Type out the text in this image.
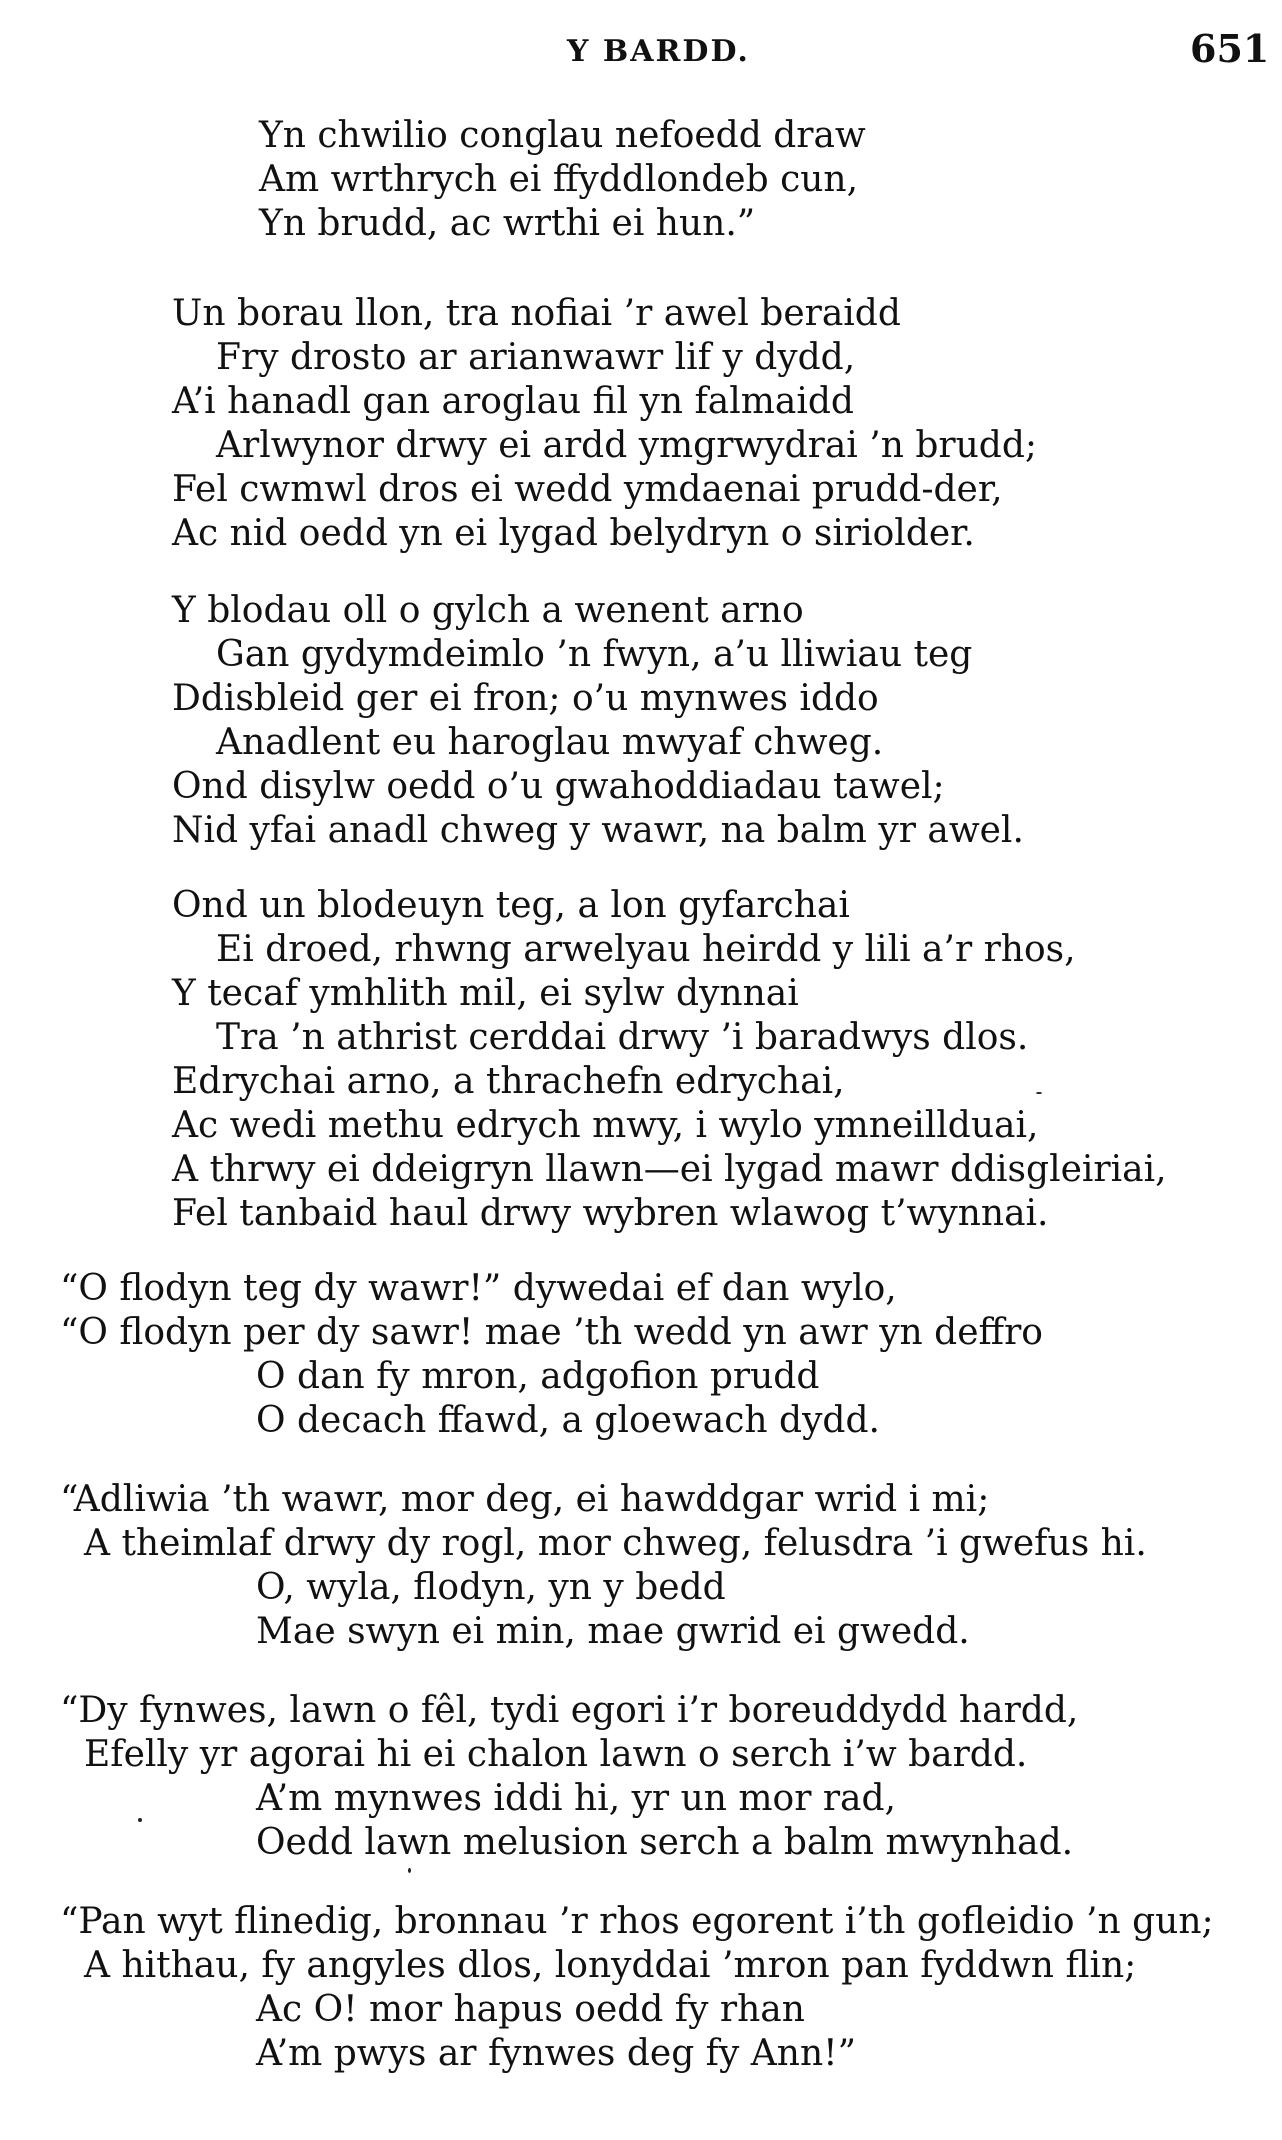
Y BARDD.	651
Yn chwilio conglau nefoedd draw
Am wrthrych ei ffyddlondeb cun,
Yn brudd, ac wrthi ei hun.”
Un borau llon, tra nofiai ’r awel beraidd
Fry drosto ar arianwawr lif y dydd,
A’i hanadl gan aroglau fil yn falmaidd
Arlwynor drwy ei ardd ymgrwydrai ’n brudd;
Fel cwmwl dros ei wedd ymdaenai prudd-der,
Ac nid oedd yn ei lygad belydryn o siriolder.
Y blodau oll o gylch a wenent arno
Gan gydymdeimlo ’n fwyn, a’u lliwiau teg
Ddisbleid ger ei fron; o’u mynwes iddo
Anadlent eu haroglau mwyaf chweg.
Ond disylw oedd o’u gwahoddiadau tawel;
Nid yfai anadl chweg y wawr, na balm yr awel.
Ond un blodeuyn teg, a lon gyfarchai
Ei droed, rhwng arwelyau heirdd y lili a’r rhos,
Y tecaf ymhlith mil, ei sylw dynnai
Tra ’n athrist cerddai drwy ’i baradwys dlos.
Edrychai arno, a thrachefn edrychai,
Ac wedi methu edrych mwy, i wylo ymneillduai,
A thrwy ei ddeigryn llawn—ei lygad mawr ddisgleiriai,
Fel tanbaid haul drwy wybren wlawog t’wynnai.
“O flodyn teg dy wawr!” dywedai ef dan wylo,
“O flodyn per dy sawr! mae ’th wedd yn awr yn deffro
O dan fy mron, adgofion prudd
O decach ffawd, a gloewach dydd.
“Adliwia ’th wawr, mor deg, ei hawddgar wrid i mi;
A theimlaf drwy dy rogl, mor chweg, felusdra ’i gwefus hi.
O, wyla, flodyn, yn y bedd
Mae swyn ei min, mae gwrid ei gwedd.
“Dy fynwes, lawn o fêl, tydi egori i’r boreuddydd hardd,
Efelly yr agorai hi ei chalon lawn o serch i’w bardd.
A’m mynwes iddi hi, yr un mor rad,
Oedd lawn melusion serch a balm mwynhad.
“Pan wyt flinedig, bronnau ’r rhos egorent i’th gofleidio ’n gun;
A hithau, fy angyles dlos, lonyddai ’mron pan fyddwn flin;
Ac O! mor hapus oedd fy rhan
A’m pwys ar fynwes deg fy Ann!”
